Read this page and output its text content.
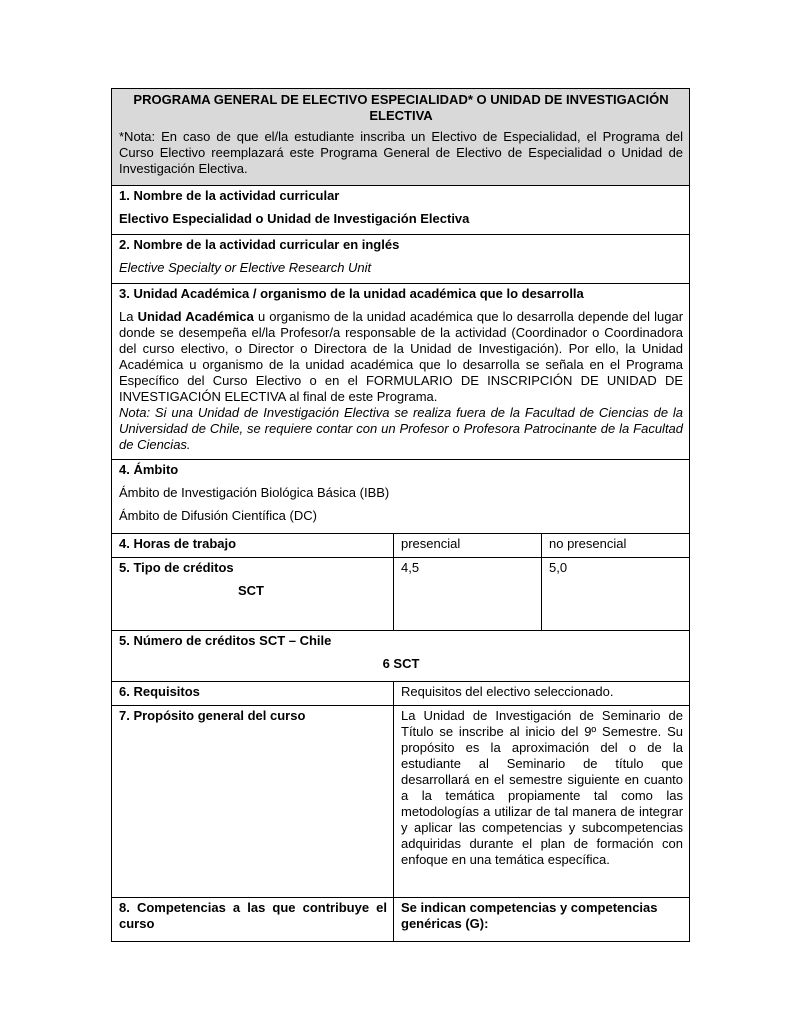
PROGRAMA GENERAL DE ELECTIVO ESPECIALIDAD* O UNIDAD DE INVESTIGACIÓN ELECTIVA
*Nota: En caso de que el/la estudiante inscriba un Electivo de Especialidad, el Programa del Curso Electivo reemplazará este Programa General de Electivo de Especialidad o Unidad de Investigación Electiva.		

1. Nombre de la actividad curricular

Electivo Especialidad o Unidad de Investigación Electiva		

2. Nombre de la actividad curricular en inglés

Elective Specialty or Elective Research Unit		

3. Unidad Académica / organismo de la unidad académica que lo desarrolla

La Unidad Académica u organismo de la unidad académica que lo desarrolla depende del lugar donde se desempeña el/la Profesor/a responsable de la actividad (Coordinador o Coordinadora del curso electivo, o Director o Directora de la Unidad de Investigación). Por ello, la Unidad Académica u organismo de la unidad académica que lo desarrolla se señala en el Programa Específico del Curso Electivo o en el FORMULARIO DE INSCRIPCIÓN DE UNIDAD DE INVESTIGACIÓN ELECTIVA al final de este Programa.

Nota: Si una Unidad de Investigación Electiva se realiza fuera de la Facultad de Ciencias de la Universidad de Chile, se requiere contar con un Profesor o Profesora Patrocinante de la Facultad de Ciencias.		

4. Ámbito

Ámbito de Investigación Biológica Básica (IBB)

Ámbito de Difusión Científica (DC)		

4. Horas de trabajo	presencial	no presencial

5. Tipo de créditos

SCT	4,5	5,0

5. Número de créditos SCT – Chile

6 SCT		

6. Requisitos	Requisitos del electivo seleccionado.	
7. Propósito general del curso	La Unidad de Investigación de Seminario de Título se inscribe al inicio del 9º Semestre. Su propósito es la aproximación del o de la estudiante al Seminario de título que desarrollará en el semestre siguiente en cuanto a la temática propiamente tal como las metodologías a utilizar de tal manera de integrar y aplicar las competencias y subcompetencias adquiridas durante el plan de formación con enfoque en una temática específica.	
8. Competencias a las que contribuye el curso	Se indican competencias y competencias genéricas (G):	
